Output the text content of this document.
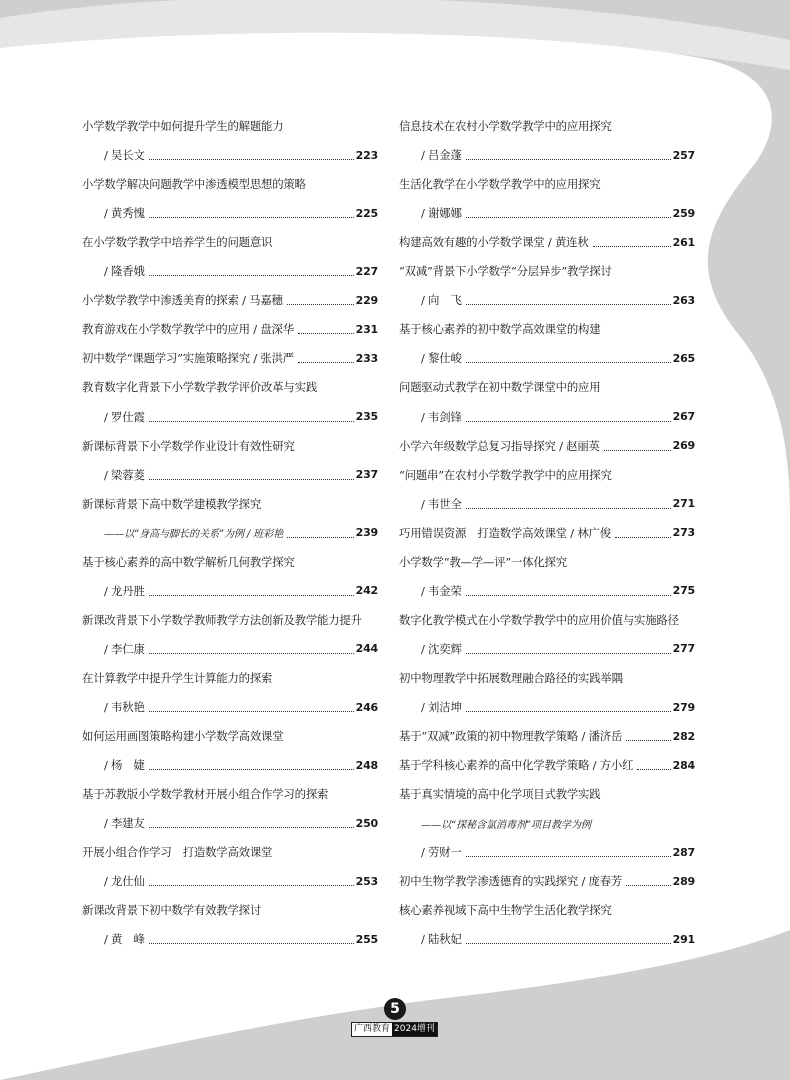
小学数学教学中如何提升学生的解题能力
/ 吴长文	223
小学数学解决问题教学中渗透模型思想的策略
/ 黄秀愧	225
在小学数学教学中培养学生的问题意识
/ 隆香娥	227
小学数学教学中渗透美育的探索 / 马嘉穗	229
教育游戏在小学数学教学中的应用 / 盘深华	231
初中数学“课题学习”实施策略探究 / 张洪严	233
教育数字化背景下小学数学教学评价改革与实践
/ 罗仕霞	235
新课标背景下小学数学作业设计有效性研究
/ 梁蓉菱	237
新课标背景下高中数学建模教学探究
——以“身高与脚长的关系”为例 / 班彩艳	239
基于核心素养的高中数学解析几何教学探究
/ 龙丹胜	242
新课改背景下小学数学教师教学方法创新及教学能力提升
/ 李仁康	244
在计算教学中提升学生计算能力的探索
/ 韦秋艳	246
如何运用画图策略构建小学数学高效课堂
/ 杨　婕	248
基于苏教版小学数学教材开展小组合作学习的探索
/ 李建友	250
开展小组合作学习　打造数学高效课堂
/ 龙仕仙	253
新课改背景下初中数学有效教学探讨
/ 黄　峰	255
信息技术在农村小学数学教学中的应用探究
/ 吕金蓬	257
生活化教学在小学数学教学中的应用探究
/ 谢娜娜	259
构建高效有趣的小学数学课堂 / 黄连秋	261
“双减”背景下小学数学“分层异步”教学探讨
/ 向　飞	263
基于核心素养的初中数学高效课堂的构建
/ 黎仕峻	265
问题驱动式教学在初中数学课堂中的应用
/ 韦剑锋	267
小学六年级数学总复习指导探究 / 赵丽英	269
“问题串”在农村小学数学教学中的应用探究
/ 韦世全	271
巧用错误资源　打造数学高效课堂 / 林广俊	273
小学数学“教—学—评”一体化探究
/ 韦金荣	275
数字化教学模式在小学数学教学中的应用价值与实施路径
/ 沈奕辉	277
初中物理教学中拓展数理融合路径的实践举隅
/ 刘洁坤	279
基于“双减”政策的初中物理教学策略 / 潘济岳	282
基于学科核心素养的高中化学教学策略 / 方小红	284
基于真实情境的高中化学项目式教学实践
——以“探秘含氯消毒剂”项目教学为例
/ 劳财一	287
初中生物学教学渗透德育的实践探究 / 庞春芳	289
核心素养视域下高中生物学生活化教学探究
/ 陆秋妃	291
5
广西教育 2024增刊
